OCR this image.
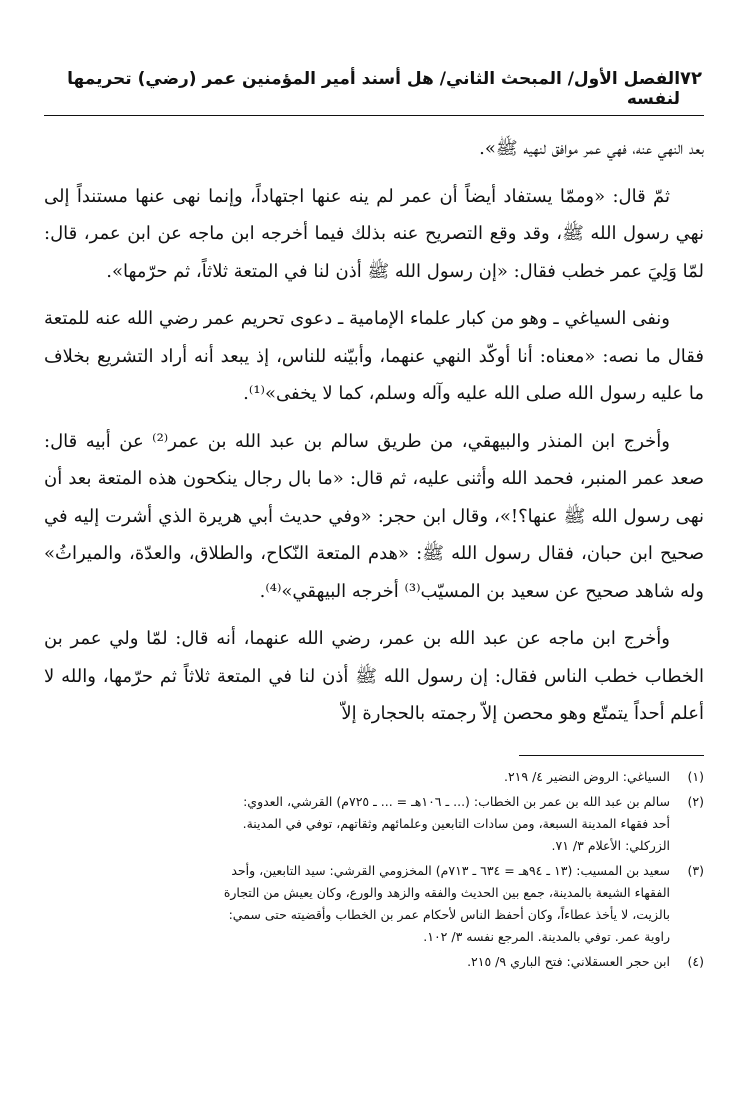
٧٢
الفصل الأول/ المبحث الثاني/ هل أسند أمير المؤمنين عمر (رضي) تحريمها لنفسه

بعد النهي عنه، فهي عمر موافق لنهيه ﷺ».

ثمّ قال: «وممّا يستفاد أيضاً أن عمر لم ينه عنها اجتهاداً، وإنما نهى عنها مستنداً إلى نهي رسول الله ﷺ، وقد وقع التصريح عنه بذلك فيما أخرجه ابن ماجه عن ابن عمر، قال: لمّا وَلِيَ عمر خطب فقال: «إن رسول الله ﷺ أذن لنا في المتعة ثلاثاً، ثم حرّمها».

ونفى السياغي ـ وهو من كبار علماء الإمامية ـ دعوى تحريم عمر رضي الله عنه للمتعة فقال ما نصه: «معناه: أنا أوكّد النهي عنهما، وأبيّنه للناس، إذ يبعد أنه أراد التشريع بخلاف ما عليه رسول الله صلى الله عليه وآله وسلم، كما لا يخفى»⁽¹⁾.

وأخرج ابن المنذر والبيهقي، من طريق سالم بن عبد الله بن عمر⁽²⁾ عن أبيه قال: صعد عمر المنبر، فحمد الله وأثنى عليه، ثم قال: «ما بال رجال ينكحون هذه المتعة بعد أن نهى رسول الله ﷺ عنها؟!»، وقال ابن حجر: «وفي حديث أبي هريرة الذي أشرت إليه في صحيح ابن حبان، فقال رسول الله ﷺ: «هدم المتعة النّكاح، والطلاق، والعدّة، والميراثُ» وله شاهد صحيح عن سعيد بن المسيّب⁽³⁾ أخرجه البيهقي»⁽⁴⁾.

وأخرج ابن ماجه عن عبد الله بن عمر، رضي الله عنهما، أنه قال: لمّا ولي عمر بن الخطاب خطب الناس فقال: إن رسول الله ﷺ أذن لنا في المتعة ثلاثاً ثم حرّمها، والله لا أعلم أحداً يتمتّع وهو محصن إلاّ رجمته بالحجارة إلاّ

(١)
السياغي: الروض النضير ٤/ ٢١٩.
(٢)
سالم بن عبد الله بن عمر بن الخطاب: (... ـ ١٠٦هـ = ... ـ ٧٢٥م) القرشي، العدوي:
أحد فقهاء المدينة السبعة، ومن سادات التابعين وعلمائهم وثقاتهم، توفي في المدينة.
الزركلي: الأعلام ٣/ ٧١.
(٣)
سعيد بن المسيب: (١٣ ـ ٩٤هـ = ٦٣٤ ـ ٧١٣م) المخزومي القرشي: سيد التابعين، وأحد
الفقهاء الشيعة بالمدينة، جمع بين الحديث والفقه والزهد والورع، وكان يعيش من التجارة
بالزيت، لا يأخذ عطاءاً، وكان أحفظ الناس لأحكام عمر بن الخطاب وأقضيته حتى سمي:
راوية عمر. توفي بالمدينة. المرجع نفسه ٣/ ١٠٢.
(٤)
ابن حجر العسقلاني: فتح الباري ٩/ ٢١٥.
